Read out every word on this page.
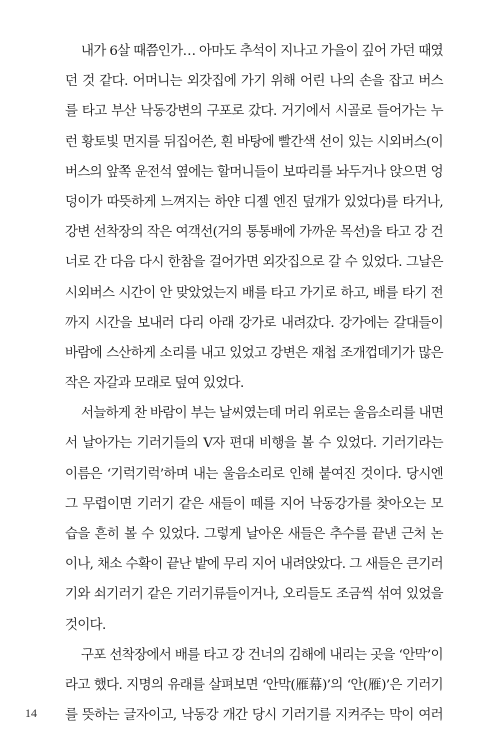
내가 6살 때쯤인가… 아마도 추석이 지나고 가을이 깊어 가던 때였
던 것 같다. 어머니는 외갓집에 가기 위해 어린 나의 손을 잡고 버스
를 타고 부산 낙동강변의 구포로 갔다. 거기에서 시골로 들어가는 누
런 황토빛 먼지를 뒤집어쓴, 흰 바탕에 빨간색 선이 있는 시외버스(이
버스의 앞쪽 운전석 옆에는 할머니들이 보따리를 놔두거나 앉으면 엉
덩이가 따뜻하게 느껴지는 하얀 디젤 엔진 덮개가 있었다)를 타거나,
강변 선착장의 작은 여객선(거의 통통배에 가까운 목선)을 타고 강 건
너로 간 다음 다시 한참을 걸어가면 외갓집으로 갈 수 있었다. 그날은
시외버스 시간이 안 맞았었는지 배를 타고 가기로 하고, 배를 타기 전
까지 시간을 보내러 다리 아래 강가로 내려갔다. 강가에는 갈대들이
바람에 스산하게 소리를 내고 있었고 강변은 재첩 조개껍데기가 많은
작은 자갈과 모래로 덮여 있었다.
서늘하게 찬 바람이 부는 날씨였는데 머리 위로는 울음소리를 내면
서 날아가는 기러기들의 V자 편대 비행을 볼 수 있었다. 기러기라는
이름은 ‘기럭기럭’하며 내는 울음소리로 인해 붙여진 것이다. 당시엔
그 무렵이면 기러기 같은 새들이 떼를 지어 낙동강가를 찾아오는 모
습을 흔히 볼 수 있었다. 그렇게 날아온 새들은 추수를 끝낸 근처 논
이나, 채소 수확이 끝난 밭에 무리 지어 내려앉았다. 그 새들은 큰기러
기와 쇠기러기 같은 기러기류들이거나, 오리들도 조금씩 섞여 있었을
것이다.
구포 선착장에서 배를 타고 강 건너의 김해에 내리는 곳을 ‘안막’이
라고 했다. 지명의 유래를 살펴보면 ‘안막(雁幕)’의 ‘안(雁)’은 기러기
를 뜻하는 글자이고, 낙동강 개간 당시 기러기를 지켜주는 막이 여러
14
